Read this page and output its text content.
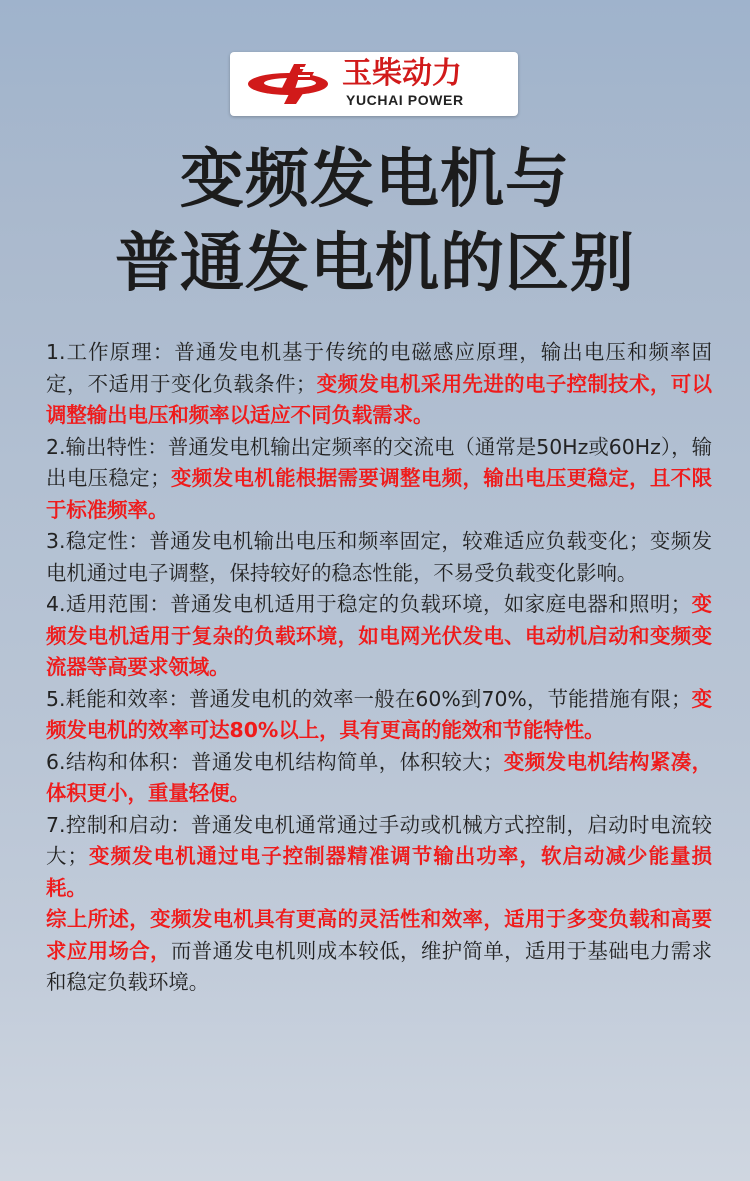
玉柴动力
YUCHAI POWER
变频发电机与
普通发电机的区别

1.工作原理：普通发电机基于传统的电磁感应原理，输出电压和频率固定，不适用于变化负载条件；变频发电机采用先进的电子控制技术，可以调整输出电压和频率以适应不同负载需求。

2.输出特性：普通发电机输出定频率的交流电（通常是50Hz或60Hz），输出电压稳定；变频发电机能根据需要调整电频，输出电压更稳定，且不限于标准频率。

3.稳定性：普通发电机输出电压和频率固定，较难适应负载变化；变频发电机通过电子调整，保持较好的稳态性能，不易受负载变化影响。

4.适用范围：普通发电机适用于稳定的负载环境，如家庭电器和照明；变频发电机适用于复杂的负载环境，如电网光伏发电、电动机启动和变频变流器等高要求领域。

5.耗能和效率：普通发电机的效率一般在60%到70%，节能措施有限；变频发电机的效率可达80%以上，具有更高的能效和节能特性。

6.结构和体积：普通发电机结构简单，体积较大；变频发电机结构紧凑，体积更小，重量轻便。

7.控制和启动：普通发电机通常通过手动或机械方式控制，启动时电流较大；变频发电机通过电子控制器精准调节输出功率，软启动减少能量损耗。

综上所述，变频发电机具有更高的灵活性和效率，适用于多变负载和高要求应用场合，而普通发电机则成本较低，维护简单，适用于基础电力需求和稳定负载环境。
